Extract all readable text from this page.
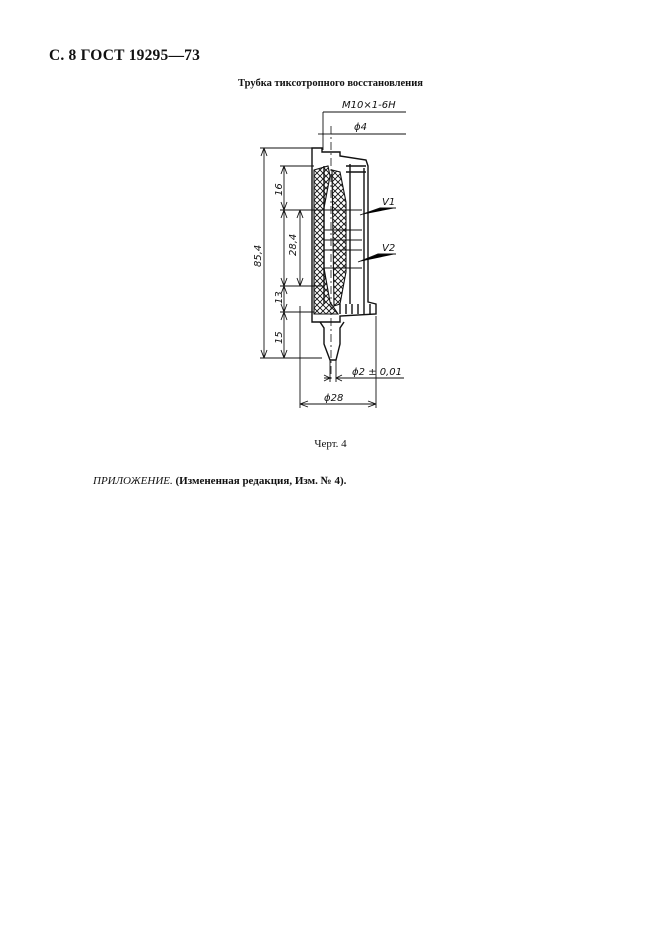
С. 8 ГОСТ 19295—73
Трубка тиксотропного восстановления
V1
V2
M10×1-6H
ϕ4
85,4
16
28,4
13
15
ϕ2 ± 0,01
ϕ28
Черт. 4
ПРИЛОЖЕНИЕ. (Измененная редакция, Изм. № 4).
